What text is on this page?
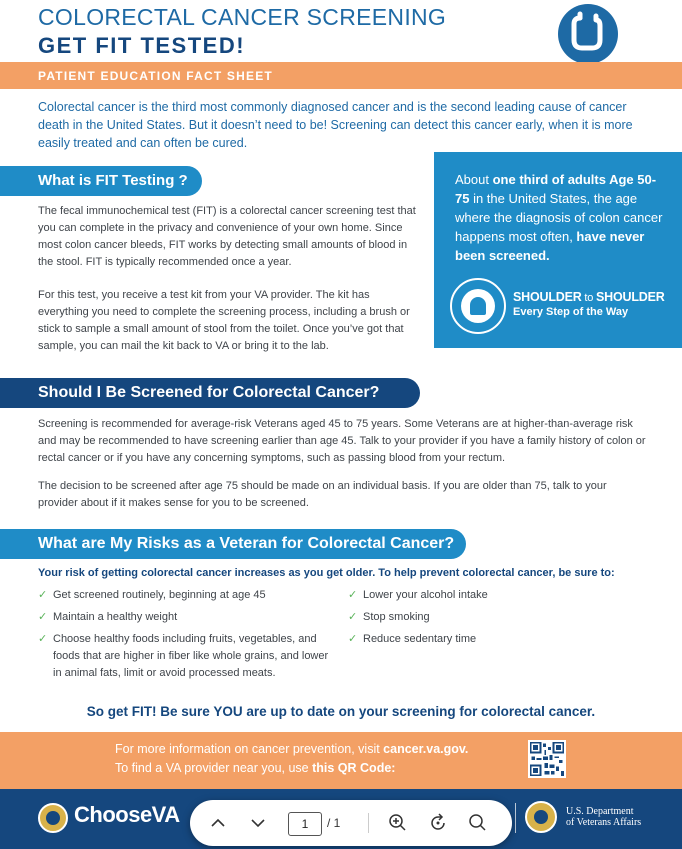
COLORECTAL CANCER SCREENING
GET FIT TESTED!
PATIENT EDUCATION FACT SHEET

Colorectal cancer is the third most commonly diagnosed cancer and is the second leading cause of cancer death in the United States. But it doesn’t need to be! Screening can detect this cancer early, when it is more easily treated and can often be cured.

What is FIT Testing ?

The fecal immunochemical test (FIT) is a colorectal cancer screening test that you can complete in the privacy and convenience of your own home. Since most colon cancer bleeds, FIT works by detecting small amounts of blood in the stool. FIT is typically recommended once a year.

For this test, you receive a test kit from your VA provider. The kit has everything you need to complete the screening process, including a brush or stick to sample a small amount of stool from the toilet. Once you’ve got that sample, you can mail the kit back to VA or bring it to the lab.

About one third of adults Age 50-75 in the United States, the age where the diagnosis of colon cancer happens most often, have never been screened.

SHOULDER to SHOULDER
Every Step of the Way
Should I Be Screened for Colorectal Cancer?

Screening is recommended for average-risk Veterans aged 45 to 75 years. Some Veterans are at higher-than-average risk and may be recommended to have screening earlier than age 45. Talk to your provider if you have a family history of colon or rectal cancer or if you have any concerning symptoms, such as passing blood from your rectum.

The decision to be screened after age 75 should be made on an individual basis. If you are older than 75, talk to your provider about if it makes sense for you to be screened.

What are My Risks as a Veteran for Colorectal Cancer?
Your risk of getting colorectal cancer increases as you get older. To help prevent colorectal cancer, be sure to:
✓ Get screened routinely, beginning at age 45
✓ Maintain a healthy weight
✓ Choose healthy foods including fruits, vegetables, and foods that are higher in fiber like whole grains, and lower in animal fats, limit or avoid processed meats.
✓ Lower your alcohol intake
✓ Stop smoking
✓ Reduce sedentary time
So get FIT! Be sure YOU are up to date on your screening for colorectal cancer.
For more information on cancer prevention, visit cancer.va.gov.
To find a VA provider near you, use this QR Code:
ChooseVA	U.S. Department
of Veterans Affairs
1
/ 1
